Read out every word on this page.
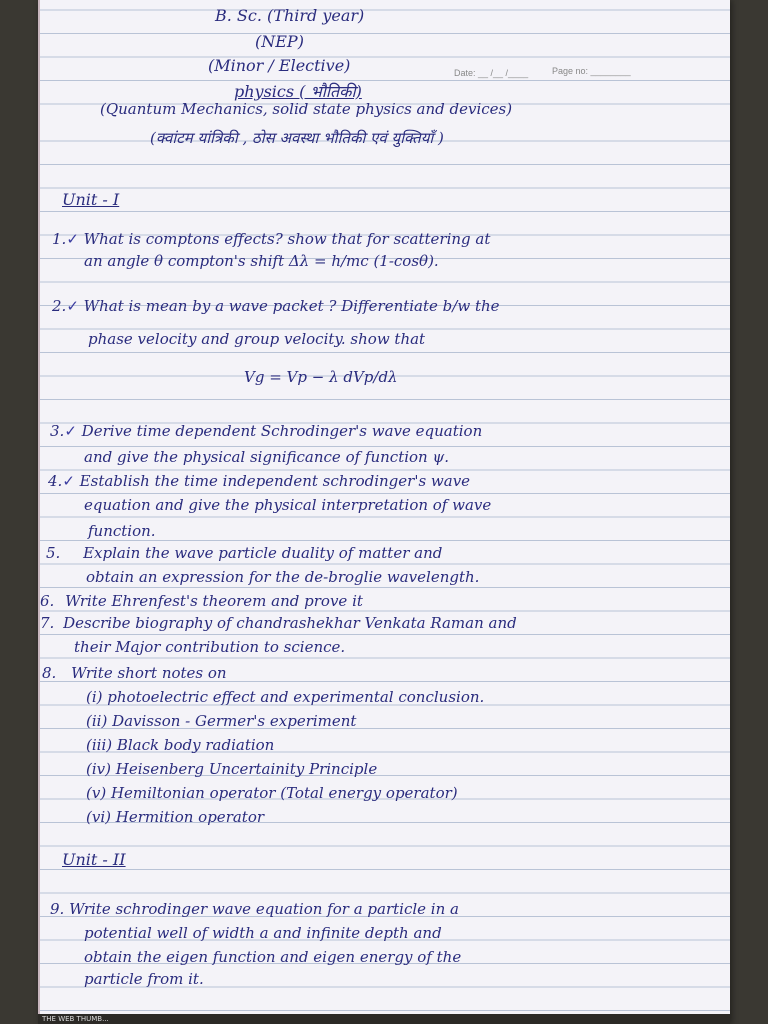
B. Sc. (Third year)
(NEP)
(Minor / Elective)
physics ( भौतिकी)
Date: __ /__ /____	Page no: ________
(Quantum Mechanics, solid state physics and devices)
(क्वांटम यांत्रिकी , ठोस अवस्था भौतिकी एवं युक्तियाँ )
Unit - I
1.✓ What is comptons effects? show that for scattering at
an angle θ compton's shift Δλ = h/mc (1-cosθ).
2.✓ What is mean by a wave packet ? Differentiate b/w the
phase velocity and group velocity. show that
Vg = Vp − λ dVp/dλ
3.✓ Derive time dependent Schrodinger's wave equation
and give the physical significance of function ψ.
4.✓ Establish the time independent schrodinger's wave
equation and give the physical interpretation of wave
function.
5. Explain the wave particle duality of matter and
obtain an expression for the de-broglie wavelength.
6. Write Ehrenfest's theorem and prove it
7. Describe biography of chandrashekhar Venkata Raman and
their Major contribution to science.
8. Write short notes on
(i) photoelectric effect and experimental conclusion.
(ii) Davisson - Germer's experiment
(iii) Black body radiation
(iv) Heisenberg Uncertainity Principle
(v) Hemiltonian operator (Total energy operator)
(vi) Hermition operator
Unit - II
9. Write schrodinger wave equation for a particle in a
potential well of width a and infinite depth and
obtain the eigen function and eigen energy of the
particle from it.
THE WEB THUMB...
